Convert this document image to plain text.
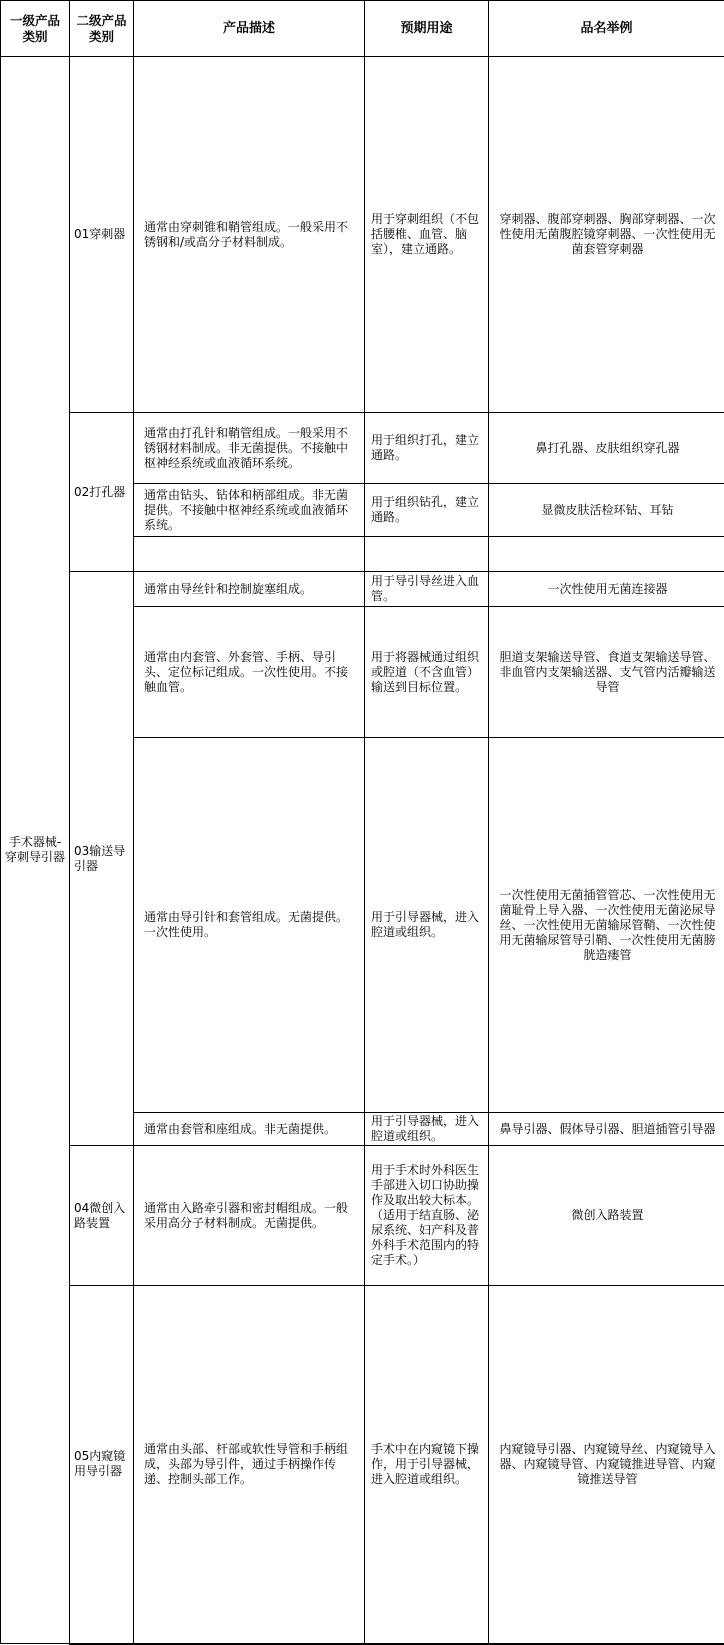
一级产品类别	二级产品类别	产品描述	预期用途	品名举例
手术器械-穿刺导引器	01穿刺器	通常由穿刺锥和鞘管组成。一般采用不锈钢和/或高分子材料制成。	用于穿刺组织（不包括腰椎、血管、脑室），建立通路。	穿刺器、腹部穿刺器、胸部穿刺器、一次性使用无菌腹腔镜穿刺器、一次性使用无菌套管穿刺器
	02打孔器	通常由打孔针和鞘管组成。一般采用不锈钢材料制成。非无菌提供。不接触中枢神经系统或血液循环系统。	用于组织打孔，建立通路。	鼻打孔器、皮肤组织穿孔器
		通常由钻头、钻体和柄部组成。非无菌提供。不接触中枢神经系统或血液循环系统。	用于组织钻孔，建立通路。	显微皮肤活检环钻、耳钻

	03输送导引器	通常由导丝针和控制旋塞组成。	用于导引导丝进入血管。	一次性使用无菌连接器
		通常由内套管、外套管、手柄、导引头、定位标记组成。一次性使用。不接触血管。	用于将器械通过组织或腔道（不含血管）输送到目标位置。	胆道支架输送导管、食道支架输送导管、非血管内支架输送器、支气管内活瓣输送导管
		通常由导引针和套管组成。无菌提供。一次性使用。	用于引导器械，进入腔道或组织。	一次性使用无菌插管管芯、一次性使用无菌耻骨上导入器、一次性使用无菌泌尿导丝、一次性使用无菌输尿管鞘、一次性使用无菌输尿管导引鞘、一次性使用无菌膀胱造瘘管
		通常由套管和座组成。非无菌提供。	用于引导器械，进入腔道或组织。	鼻导引器、假体导引器、胆道插管引导器
	04微创入路装置	通常由入路牵引器和密封帽组成。一般采用高分子材料制成。无菌提供。	用于手术时外科医生手部进入切口协助操作及取出较大标本。（适用于结直肠、泌尿系统、妇产科及普外科手术范围内的特定手术。）	微创入路装置
	05内窥镜用导引器	通常由头部、杆部或软性导管和手柄组成，头部为导引件，通过手柄操作传递、控制头部工作。	手术中在内窥镜下操作，用于引导器械，进入腔道或组织。	内窥镜导引器、内窥镜导丝、内窥镜导入器、内窥镜导管、内窥镜推进导管、内窥镜推送导管
